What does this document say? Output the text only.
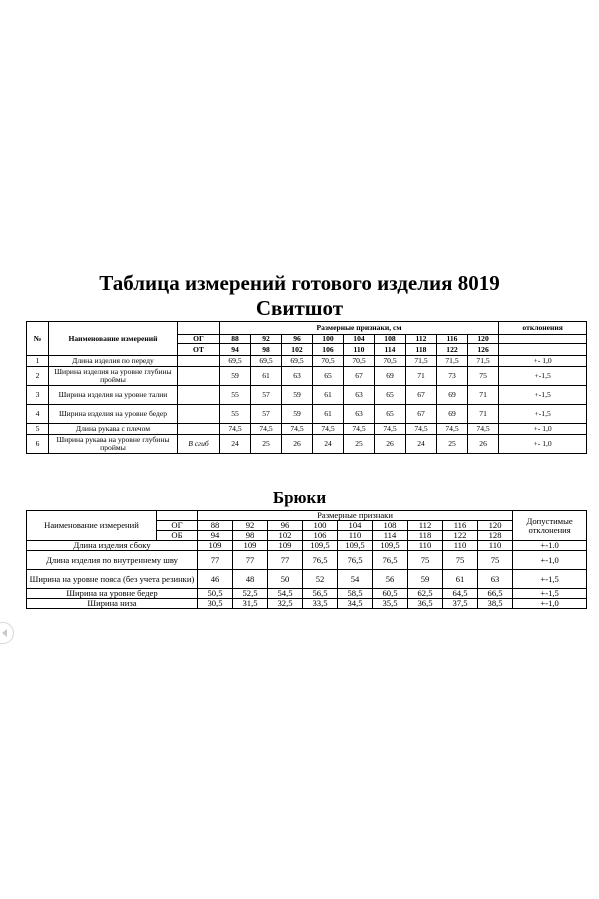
Таблица измерений готового изделия 8019
Свитшот
№	Наименование измерений		Размерные признаки, см									отклонения
		ОГ	88	92	96	100	104	108	112	116	120	
		ОТ	94	98	102	106	110	114	118	122	126	
1	Длина изделия по переду		69,5	69,5	69,5	70,5	70,5	70,5	71,5	71,5	71,5	+- 1,0
2	Ширина изделия на уровне глубины проймы		59	61	63	65	67	69	71	73	75	+-1,5
3	Ширина изделия на уровне талии		55	57	59	61	63	65	67	69	71	+-1,5
4	Ширина изделия на уровне бедер		55	57	59	61	63	65	67	69	71	+-1,5
5	Длина рукава с плечом		74,5	74,5	74,5	74,5	74,5	74,5	74,5	74,5	74,5	+- 1,0
6	Ширина рукава на уровне глубины проймы	В сгиб	24	25	26	24	25	26	24	25	26	+- 1,0
Брюки
Наименование измерений		Размерные признаки									Допустимые отклонения
	ОГ	88	92	96	100	104	108	112	116	120	
	ОБ	94	98	102	106	110	114	118	122	128	
Длина изделия сбоку		109	109	109	109,5	109,5	109,5	110	110	110	+-1.0
Длина изделия по внутреннему шву		77	77	77	76,5	76,5	76,5	75	75	75	+-1,0
Ширина на уровне пояса (без учета резинки)		46	48	50	52	54	56	59	61	63	+-1,5
Ширина на уровне бедер		50,5	52,5	54,5	56,5	58,5	60,5	62,5	64,5	66,5	+-1,5
Ширина низа		30,5	31,5	32,5	33,5	34,5	35,5	36,5	37,5	38,5	+-1,0
